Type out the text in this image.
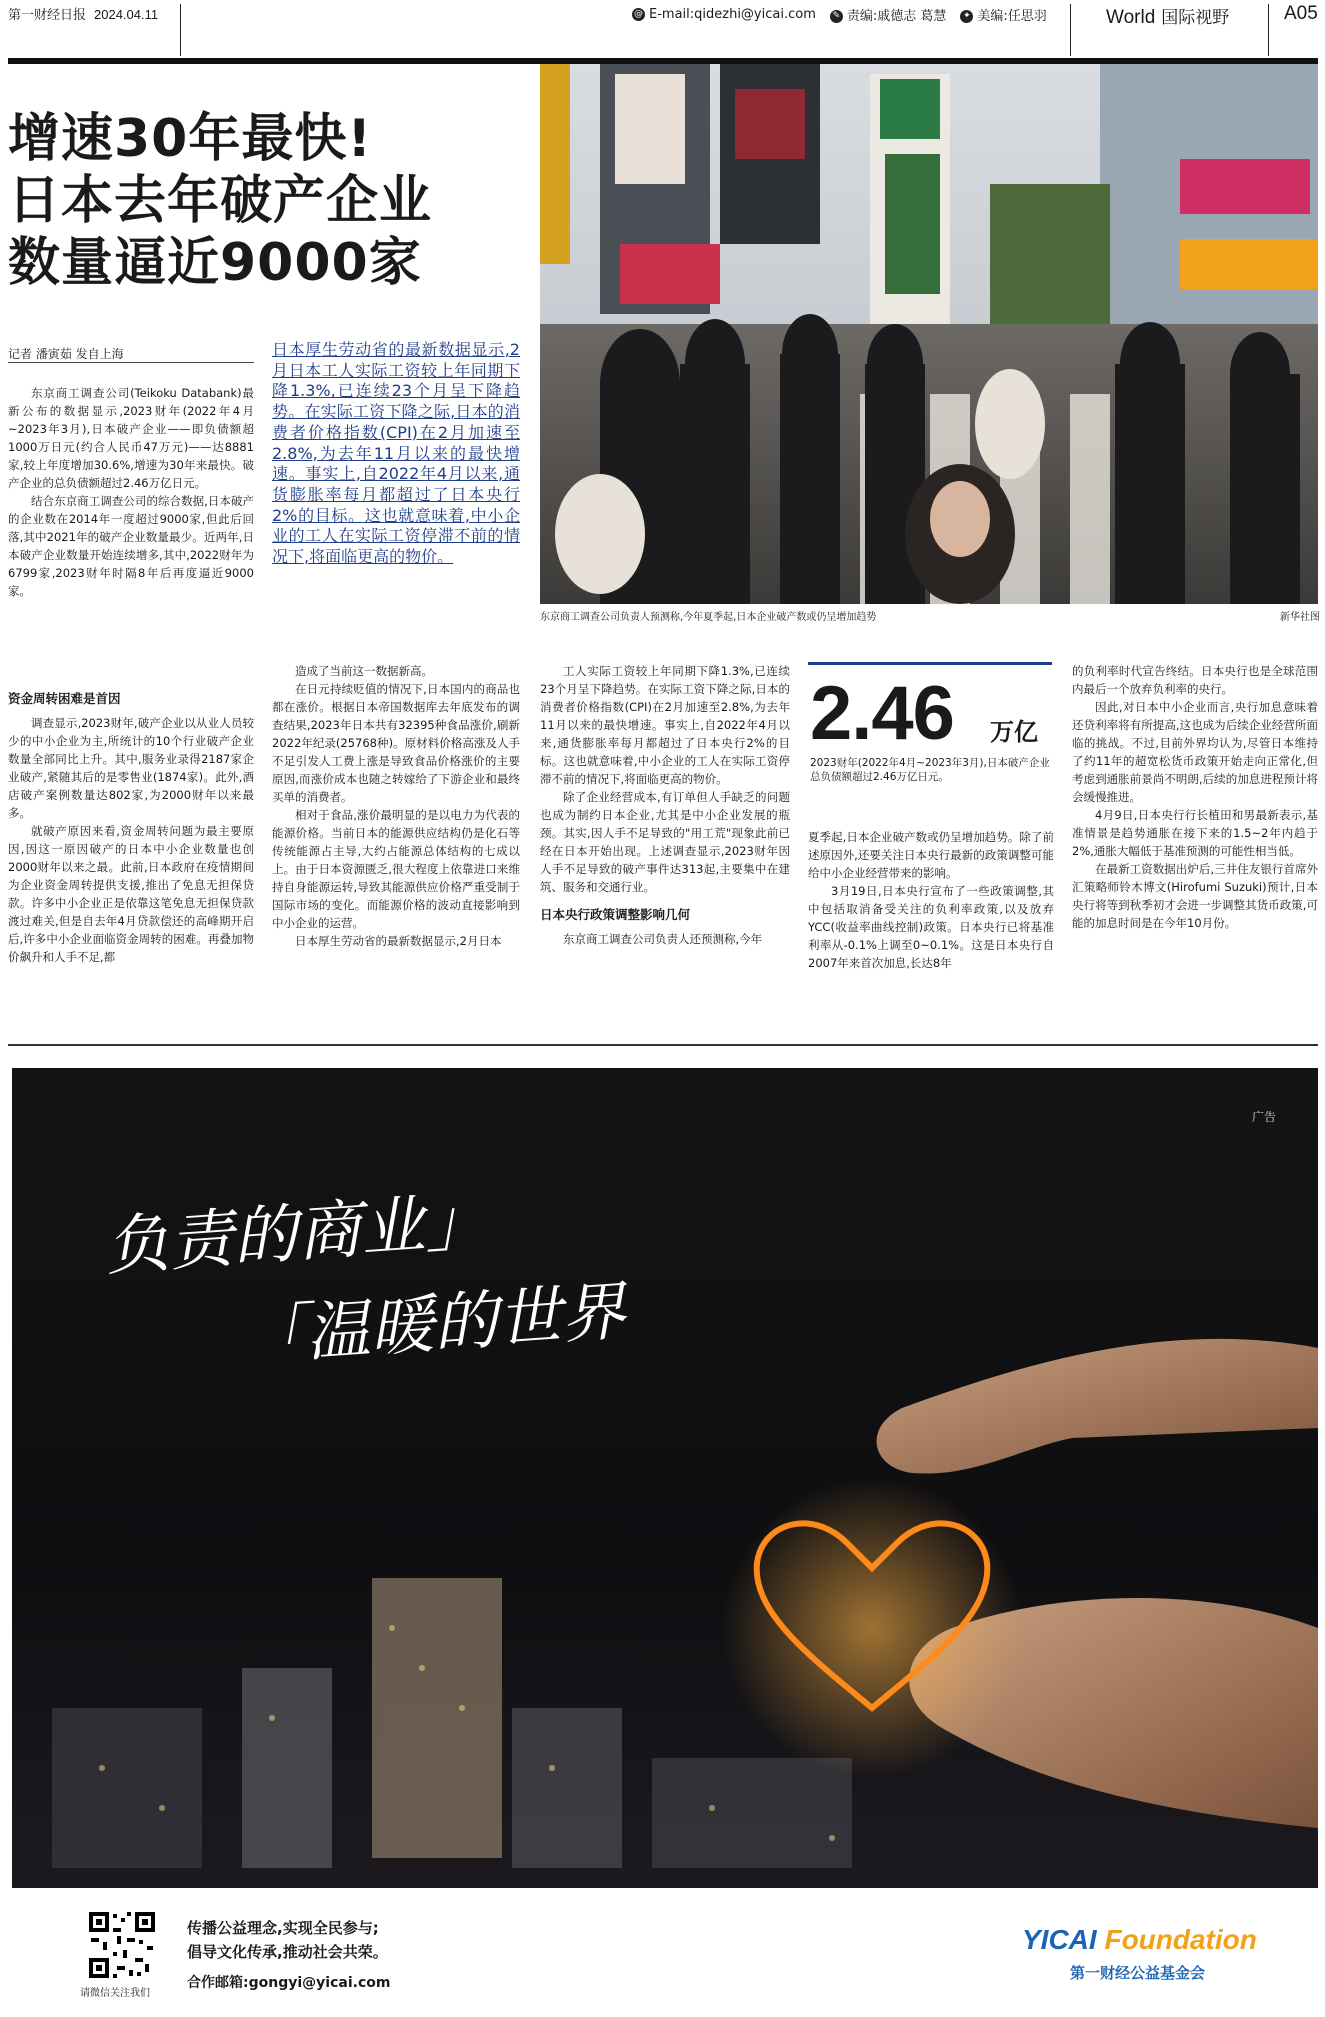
第一财经日报 2024.04.11	@ E-mail:qidezhi@yicai.com	✎ 责编:戚德志 葛慧	✦ 美编:任思羽	World 国际视野	A05
增速30年最快!
日本去年破产企业
数量逼近9000家
东京商工调查公司负责人预测称,今年夏季起,日本企业破产数或仍呈增加趋势	新华社图
记者 潘寅茹 发自上海	日本厚生劳动省的最新数据显示,2月日本工人实际工资较上年同期下降1.3%,已连续23个月呈下降趋势。在实际工资下降之际,日本的消费者价格指数(CPI)在2月加速至2.8%,为去年11月以来的最快增速。事实上,自2022年4月以来,通货膨胀率每月都超过了日本央行2%的目标。这也就意味着,中小企业的工人在实际工资停滞不前的情况下,将面临更高的物价。

东京商工调查公司(Teikoku Databank)最新公布的数据显示,2023财年(2022年4月~2023年3月),日本破产企业——即负债额超1000万日元(约合人民币47万元)——达8881家,较上年度增加30.6%,增速为30年来最快。破产企业的总负债额超过2.46万亿日元。

结合东京商工调查公司的综合数据,日本破产的企业数在2014年一度超过9000家,但此后回落,其中2021年的破产企业数量最少。近两年,日本破产企业数量开始连续增多,其中,2022财年为6799家,2023财年时隔8年后再度逼近9000家。

资金周转困难是首因

调查显示,2023财年,破产企业以从业人员较少的中小企业为主,所统计的10个行业破产企业数量全部同比上升。其中,服务业录得2187家企业破产,紧随其后的是零售业(1874家)。此外,酒店破产案例数量达802家,为2000财年以来最多。

就破产原因来看,资金周转问题为最主要原因,因这一原因破产的日本中小企业数量也创2000财年以来之最。此前,日本政府在疫情期间为企业资金周转提供支援,推出了免息无担保贷款。许多中小企业正是依靠这笔免息无担保贷款渡过难关,但是自去年4月贷款偿还的高峰期开启后,许多中小企业面临资金周转的困难。再叠加物价飙升和人手不足,都

造成了当前这一数据新高。

在日元持续贬值的情况下,日本国内的商品也都在涨价。根据日本帝国数据库去年底发布的调查结果,2023年日本共有32395种食品涨价,刷新2022年纪录(25768种)。原材料价格高涨及人手不足引发人工费上涨是导致食品价格涨价的主要原因,而涨价成本也随之转嫁给了下游企业和最终买单的消费者。

相对于食品,涨价最明显的是以电力为代表的能源价格。当前日本的能源供应结构仍是化石等传统能源占主导,大约占能源总体结构的七成以上。由于日本资源匮乏,很大程度上依靠进口来维持自身能源运转,导致其能源供应价格严重受制于国际市场的变化。而能源价格的波动直接影响到中小企业的运营。

日本厚生劳动省的最新数据显示,2月日本

工人实际工资较上年同期下降1.3%,已连续23个月呈下降趋势。在实际工资下降之际,日本的消费者价格指数(CPI)在2月加速至2.8%,为去年11月以来的最快增速。事实上,自2022年4月以来,通货膨胀率每月都超过了日本央行2%的目标。这也就意味着,中小企业的工人在实际工资停滞不前的情况下,将面临更高的物价。

除了企业经营成本,有订单但人手缺乏的问题也成为制约日本企业,尤其是中小企业发展的瓶颈。其实,因人手不足导致的"用工荒"现象此前已经在日本开始出现。上述调查显示,2023财年因人手不足导致的破产事件达313起,主要集中在建筑、服务和交通行业。

日本央行政策调整影响几何

东京商工调查公司负责人还预测称,今年

2.46 万亿
2023财年(2022年4月~2023年3月),日本破产企业总负债额超过2.46万亿日元。

夏季起,日本企业破产数或仍呈增加趋势。除了前述原因外,还要关注日本央行最新的政策调整可能给中小企业经营带来的影响。

3月19日,日本央行宣布了一些政策调整,其中包括取消备受关注的负利率政策,以及放弃YCC(收益率曲线控制)政策。日本央行已将基准利率从-0.1%上调至0~0.1%。这是日本央行自2007年来首次加息,长达8年

的负利率时代宣告终结。日本央行也是全球范围内最后一个放弃负利率的央行。

因此,对日本中小企业而言,央行加息意味着还贷利率将有所提高,这也成为后续企业经营所面临的挑战。不过,目前外界均认为,尽管日本维持了约11年的超宽松货币政策开始走向正常化,但考虑到通胀前景尚不明朗,后续的加息进程预计将会缓慢推进。

4月9日,日本央行行长植田和男最新表示,基准情景是趋势通胀在接下来的1.5~2年内趋于2%,通胀大幅低于基准预测的可能性相当低。

在最新工资数据出炉后,三井住友银行首席外汇策略师铃木博文(Hirofumi Suzuki)预计,日本央行将等到秋季初才会进一步调整其货币政策,可能的加息时间是在今年10月份。

广告
负责的商业」
「温暖的世界
请微信关注我们
传播公益理念,实现全民参与;
倡导文化传承,推动社会共荣。
合作邮箱:gongyi@yicai.com
YICAI Foundation
第一财经公益基金会
